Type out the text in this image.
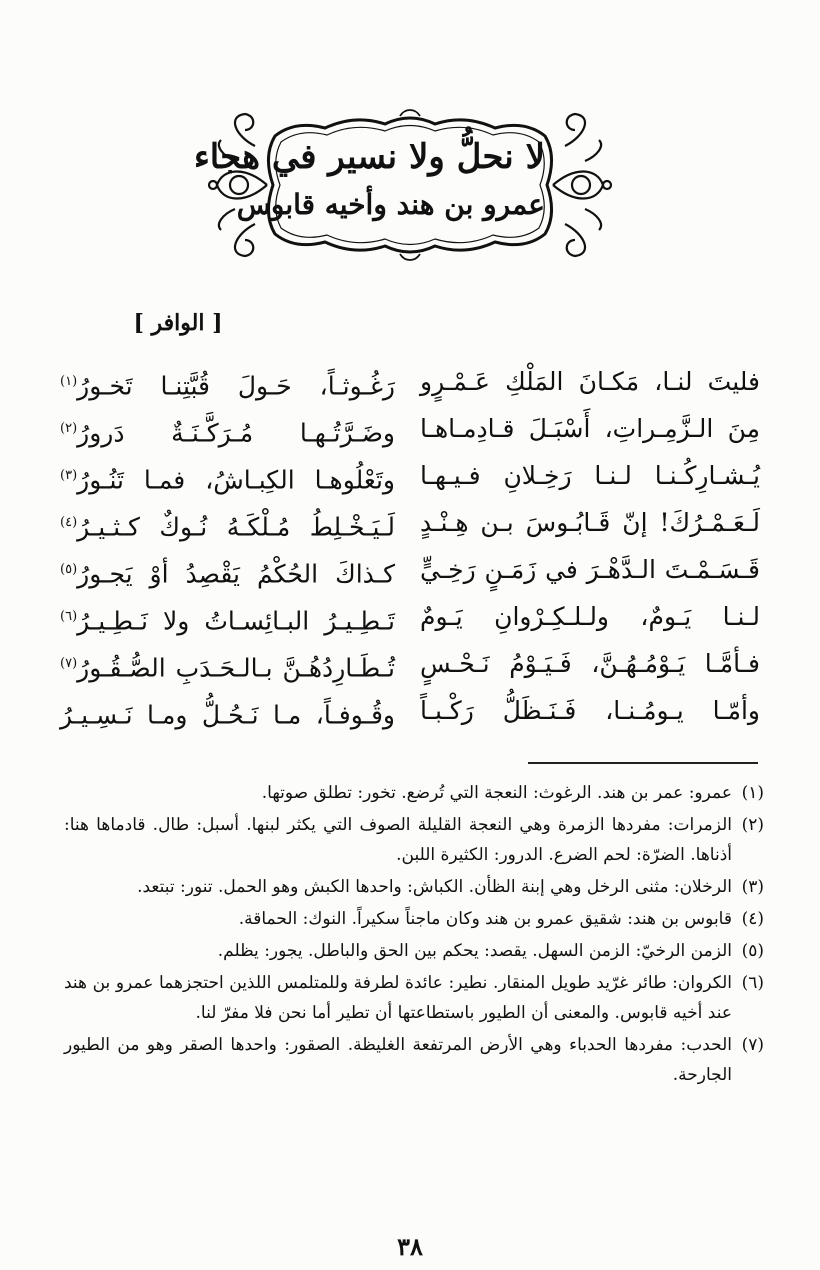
لا نحلُّ ولا نسير في هجاء
عمرو بن هند وأخيه قابوس
[ الوافر ]
فليتَ لنـا، مَكـانَ المَلْكِ عَـمْـرٍو
رَغُـوثـاً، حَـولَ قُبَّتِنـا تَخـورُ$^{(١)}$
مِنَ الـزَّمِـراتِ، أَسْبَـلَ قـادِمـاهـا
وضَـرَّتُـهـا مُـرَكَّـنَـةٌ دَرورُ$^{(٢)}$
يُـشـارِكُـنـا لـنـا رَخِـلانِ فـيـهـا
وتَعْلُوهـا الكِبـاشُ، فمـا تَنُـورُ$^{(٣)}$
لَـعَـمْـرُكَ! إنّ قَـابُـوسَ بـن هِـنْـدٍ
لَـيَـخْـلِطُ مُـلْكَـهُ نُـوكٌ كـثـيـرُ$^{(٤)}$
قَـسَـمْـتَ الـدَّهْـرَ في زَمَـنٍ رَخِـيٍّ
كـذاكَ الحُكْمُ يَقْصِدُ أوْ يَجـورُ$^{(٥)}$
لـنـا يَـومٌ، ولـلـكِـرْوانِ يَـومٌ
تَـطِـيـرُ البـائِسـاتُ ولا نَـطِـيـرُ$^{(٦)}$
فـأمَّـا يَـوْمُـهُـنَّ، فَـيَـوْمُ نَـحْـسٍ
تُـطَـارِدُهُـنَّ بـالـحَـدَبِ الصُّـقُـورُ$^{(٧)}$
وأمّـا يـومُـنـا، فَـنَـظَلُّ رَكْـبـاً
وقُـوفـاً، مـا نَـحُـلُّ ومـا نَـسِـيـرُ
(١)
عمرو: عمر بن هند. الرغوث: النعجة التي تُرضع. تخور: تطلق صوتها.
(٢)
الزمرات: مفردها الزمرة وهي النعجة القليلة الصوف التي يكثر لبنها. أسبل: طال. قادماها هنا: أذناها. الضرّة: لحم الضرع. الدرور: الكثيرة اللبن.
(٣)
الرخلان: مثنى الرخل وهي إبنة الظأن. الكباش: واحدها الكبش وهو الحمل. تنور: تبتعد.
(٤)
قابوس بن هند: شقيق عمرو بن هند وكان ماجناً سكيراً. النوك: الحماقة.
(٥)
الزمن الرخيّ: الزمن السهل. يقصد: يحكم بين الحق والباطل. يجور: يظلم.
(٦)
الكروان: طائر غرّيد طويل المنقار. نطير: عائدة لطرفة وللمتلمس اللذين احتجزهما عمرو بن هند عند أخيه قابوس. والمعنى أن الطيور باستطاعتها أن تطير أما نحن فلا مفرّ لنا.
(٧)
الحدب: مفردها الحدباء وهي الأرض المرتفعة الغليظة. الصقور: واحدها الصقر وهو من الطيور الجارحة.
٣٨
